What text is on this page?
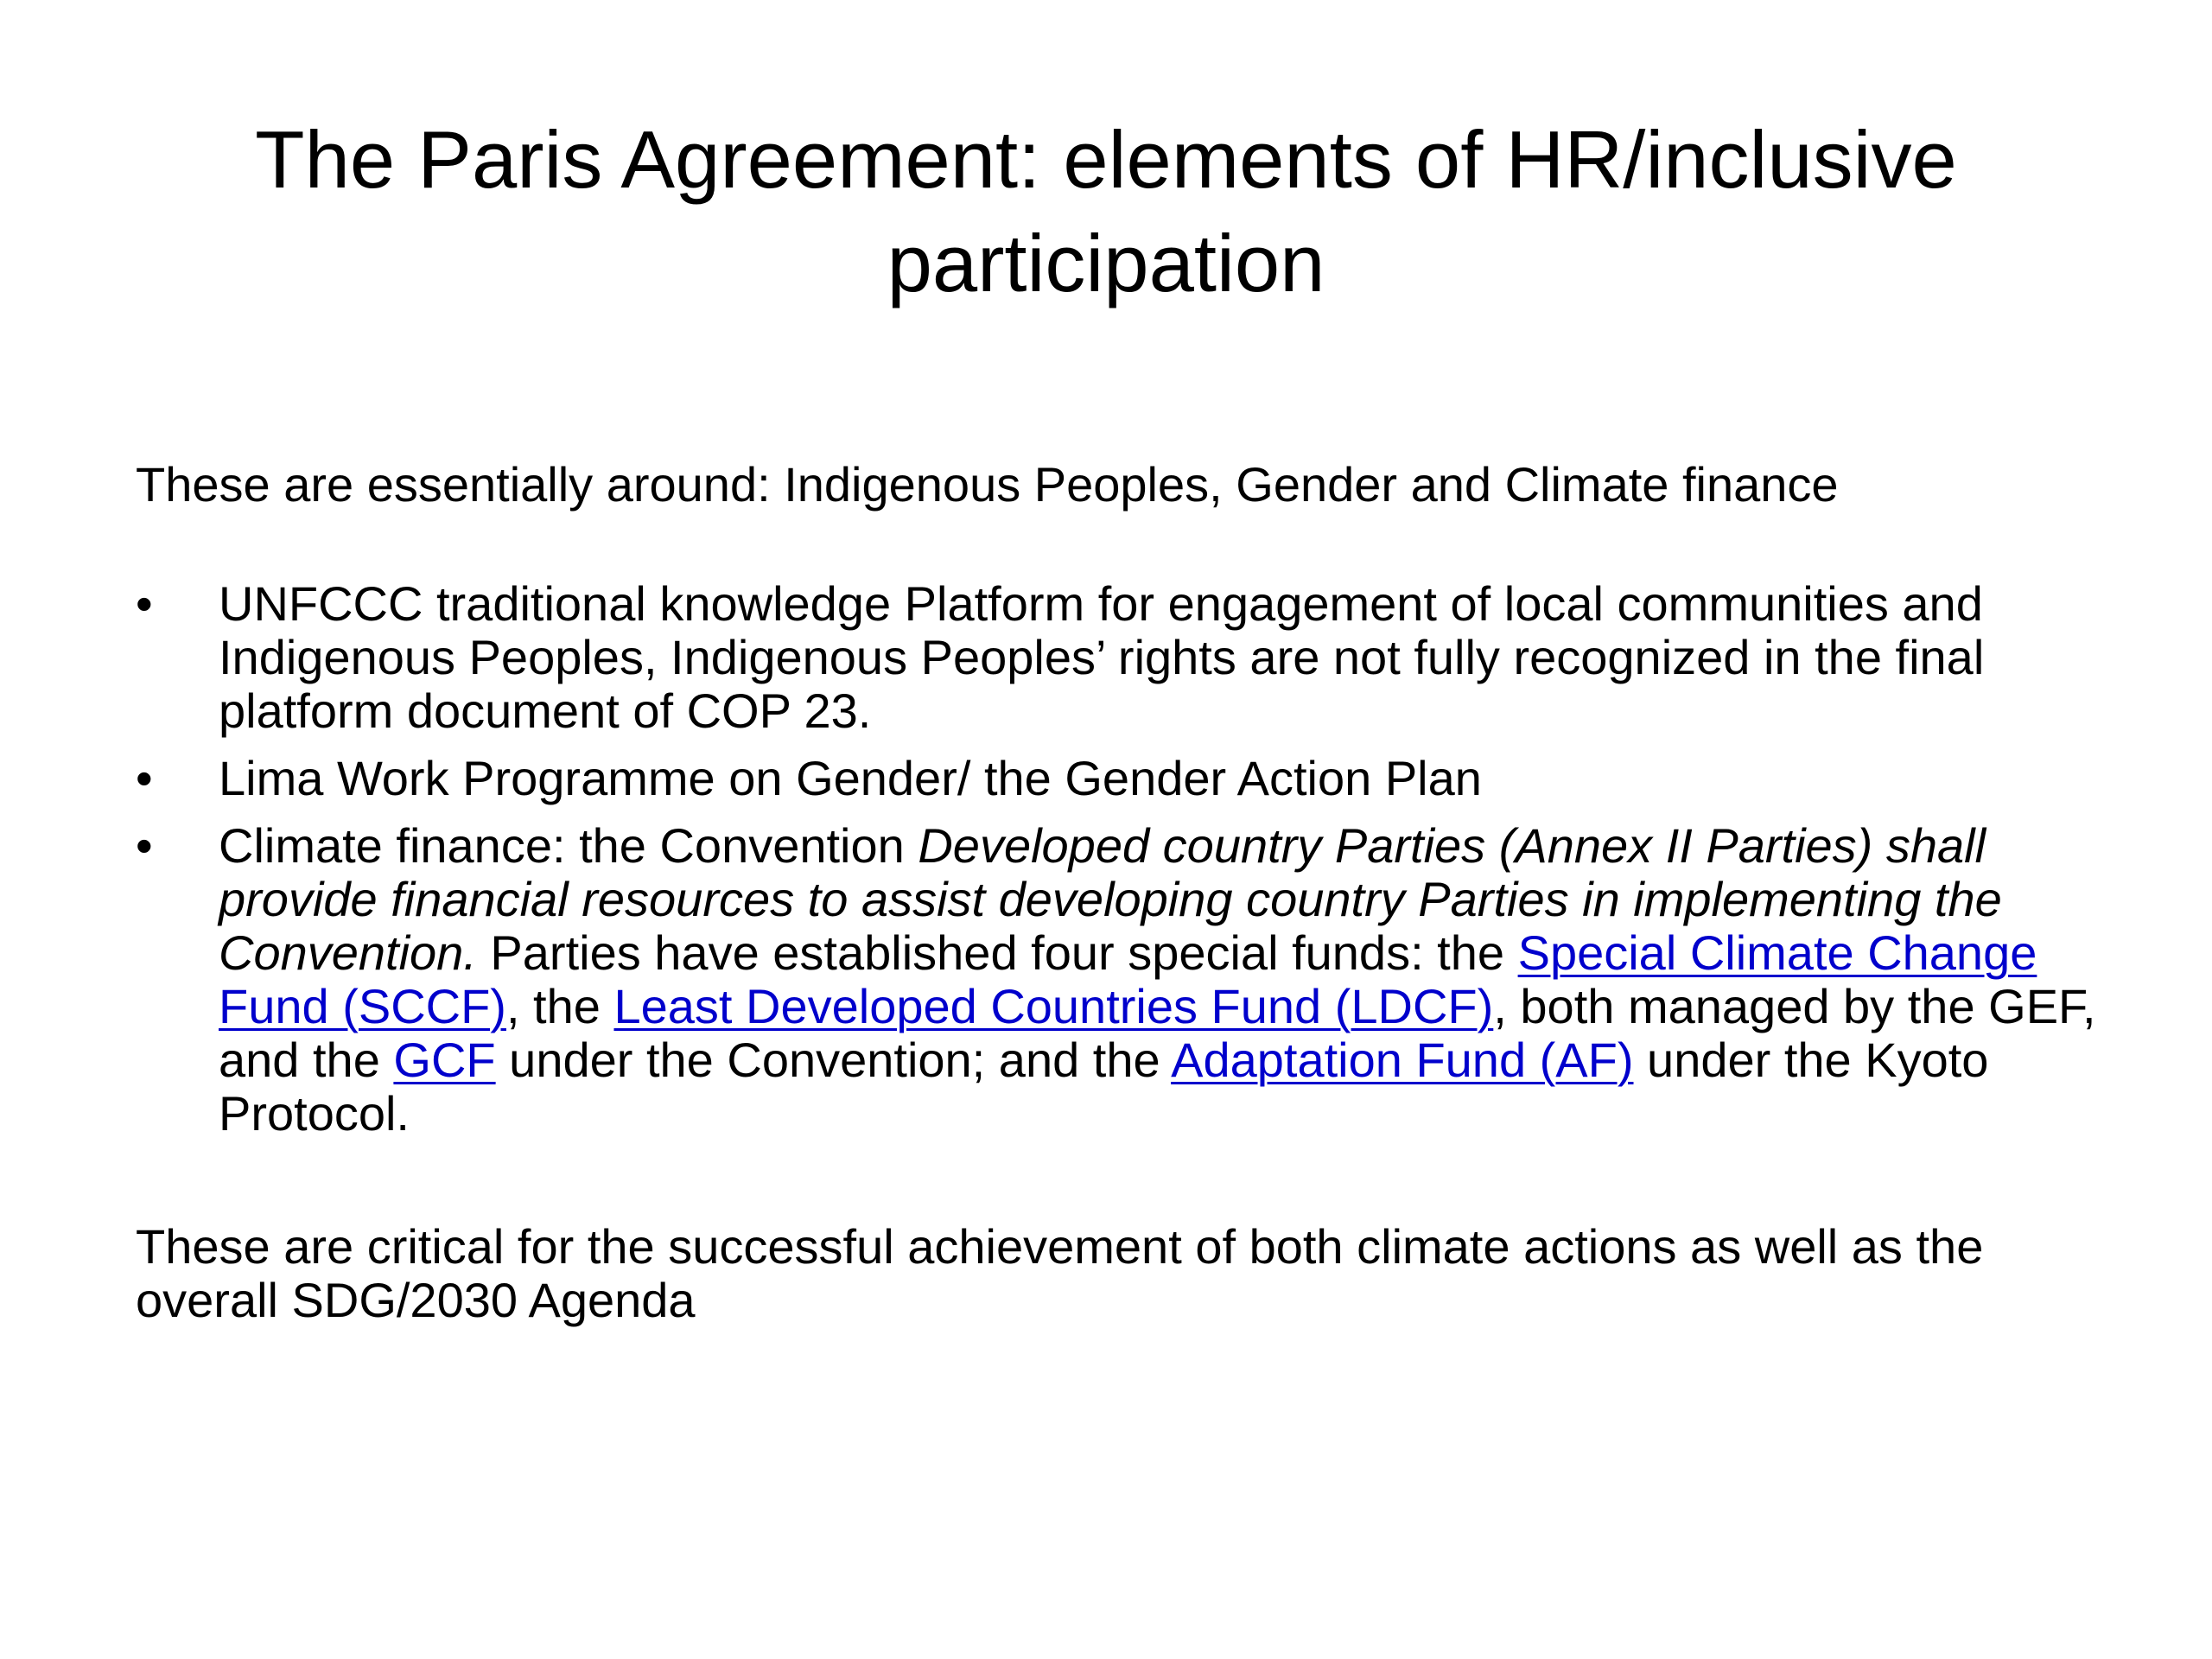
The Paris Agreement: elements of HR/inclusive
participation

These are essentially around: Indigenous Peoples, Gender and Climate finance

•	UNFCCC traditional knowledge Platform for engagement of local communities and Indigenous Peoples, Indigenous Peoples’ rights are not fully recognized in the final platform document of COP 23.
•	Lima Work Programme on Gender/ the Gender Action Plan
•	Climate finance: the Convention Developed country Parties (Annex II Parties) shall provide financial resources to assist developing country Parties in implementing the Convention. Parties have established four special funds: the Special Climate Change Fund (SCCF), the Least Developed Countries Fund (LDCF), both managed by the GEF, and the GCF under the Convention; and the Adaptation Fund (AF) under the Kyoto Protocol.

These are critical for the successful achievement of both climate actions as well as the overall SDG/2030 Agenda
